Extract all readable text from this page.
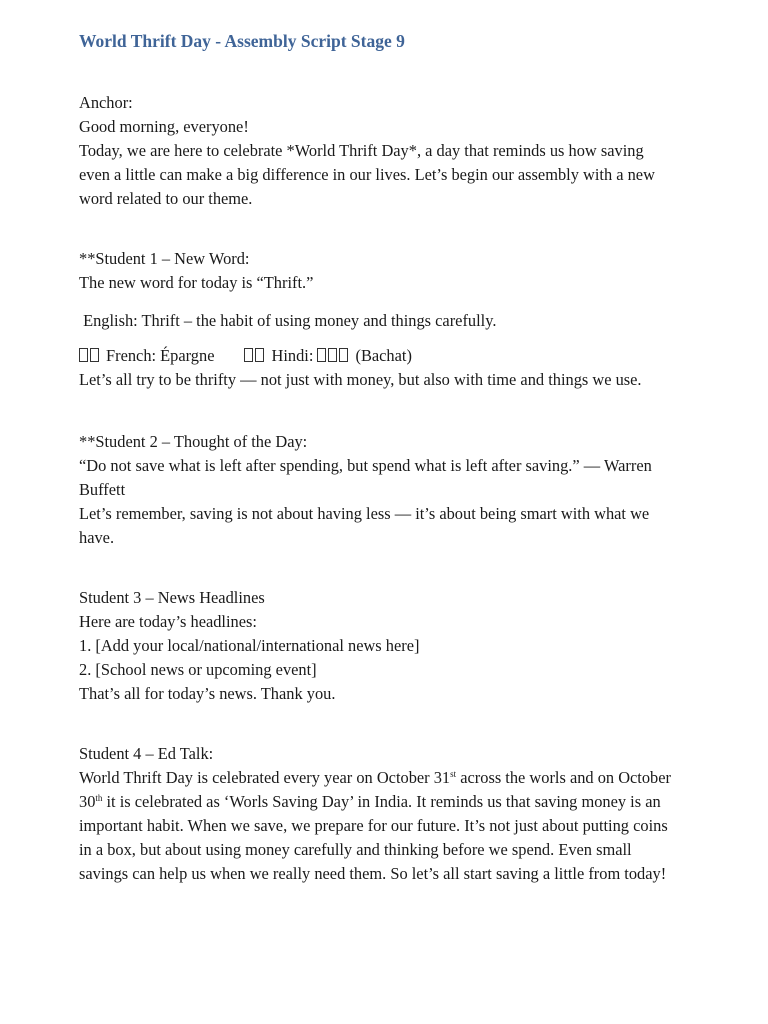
World Thrift Day - Assembly Script Stage 9
Anchor:
Good morning, everyone!
Today, we are here to celebrate *World Thrift Day*, a day that reminds us how saving
even a little can make a big difference in our lives. Let’s begin our assembly with a new
word related to our theme.
**Student 1 – New Word:
The new word for today is “Thrift.”
English: Thrift – the habit of using money and things carefully.
French: Épargne	Hindi:	(Bachat)
Let’s all try to be thrifty — not just with money, but also with time and things we use.
**Student 2 – Thought of the Day:
“Do not save what is left after spending, but spend what is left after saving.” — Warren
Buffett
Let’s remember, saving is not about having less — it’s about being smart with what we
have.
Student 3 – News Headlines
Here are today’s headlines:
1. [Add your local/national/international news here]
2. [School news or upcoming event]
That’s all for today’s news. Thank you.
Student 4 – Ed Talk:
World Thrift Day is celebrated every year on October 31st across the worls and on October
30th it is celebrated as ‘Worls Saving Day’ in India. It reminds us that saving money is an
important habit. When we save, we prepare for our future. It’s not just about putting coins
in a box, but about using money carefully and thinking before we spend. Even small
savings can help us when we really need them. So let’s all start saving a little from today!
